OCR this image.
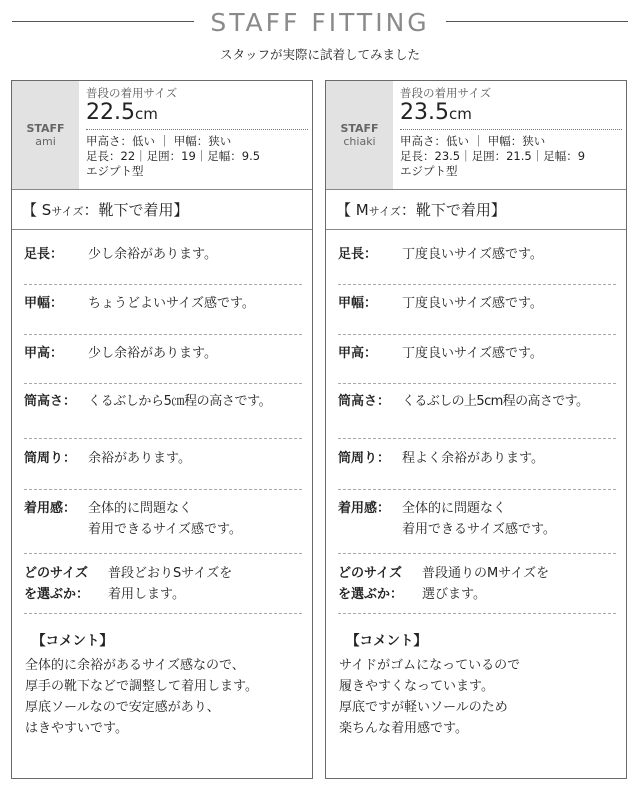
STAFF FITTING
スタッフが実際に試着してみました
STAFF
ami
普段の着用サイズ
22.5cm
甲高さ：低い ｜ 甲幅：狭い
足長：22｜足囲：19｜足幅：9.5
エジプト型
【 Sサイズ：靴下で着用】
足長： 少し余裕があります。
甲幅： ちょうどよいサイズ感です。
甲高： 少し余裕があります。
筒高さ： くるぶしから5㎝程の高さです。
筒周り： 余裕があります。
着用感： 全体的に問題なく
着用できるサイズ感です。
どのサイズ
を選ぶか：
普段どおりSサイズを
着用します。
【コメント】
全体的に余裕があるサイズ感なので、
厚手の靴下などで調整して着用します。
厚底ソールなので安定感があり、
はきやすいです。
STAFF
chiaki
普段の着用サイズ
23.5cm
甲高さ：低い ｜ 甲幅：狭い
足長：23.5｜足囲：21.5｜足幅：9
エジプト型
【 Mサイズ：靴下で着用】
足長： 丁度良いサイズ感です。
甲幅： 丁度良いサイズ感です。
甲高： 丁度良いサイズ感です。
筒高さ： くるぶしの上5cm程の高さです。
筒周り： 程よく余裕があります。
着用感： 全体的に問題なく
着用できるサイズ感です。
どのサイズ
を選ぶか：
普段通りのMサイズを
選びます。
【コメント】
サイドがゴムになっているので
履きやすくなっています。
厚底ですが軽いソールのため
楽ちんな着用感です。
